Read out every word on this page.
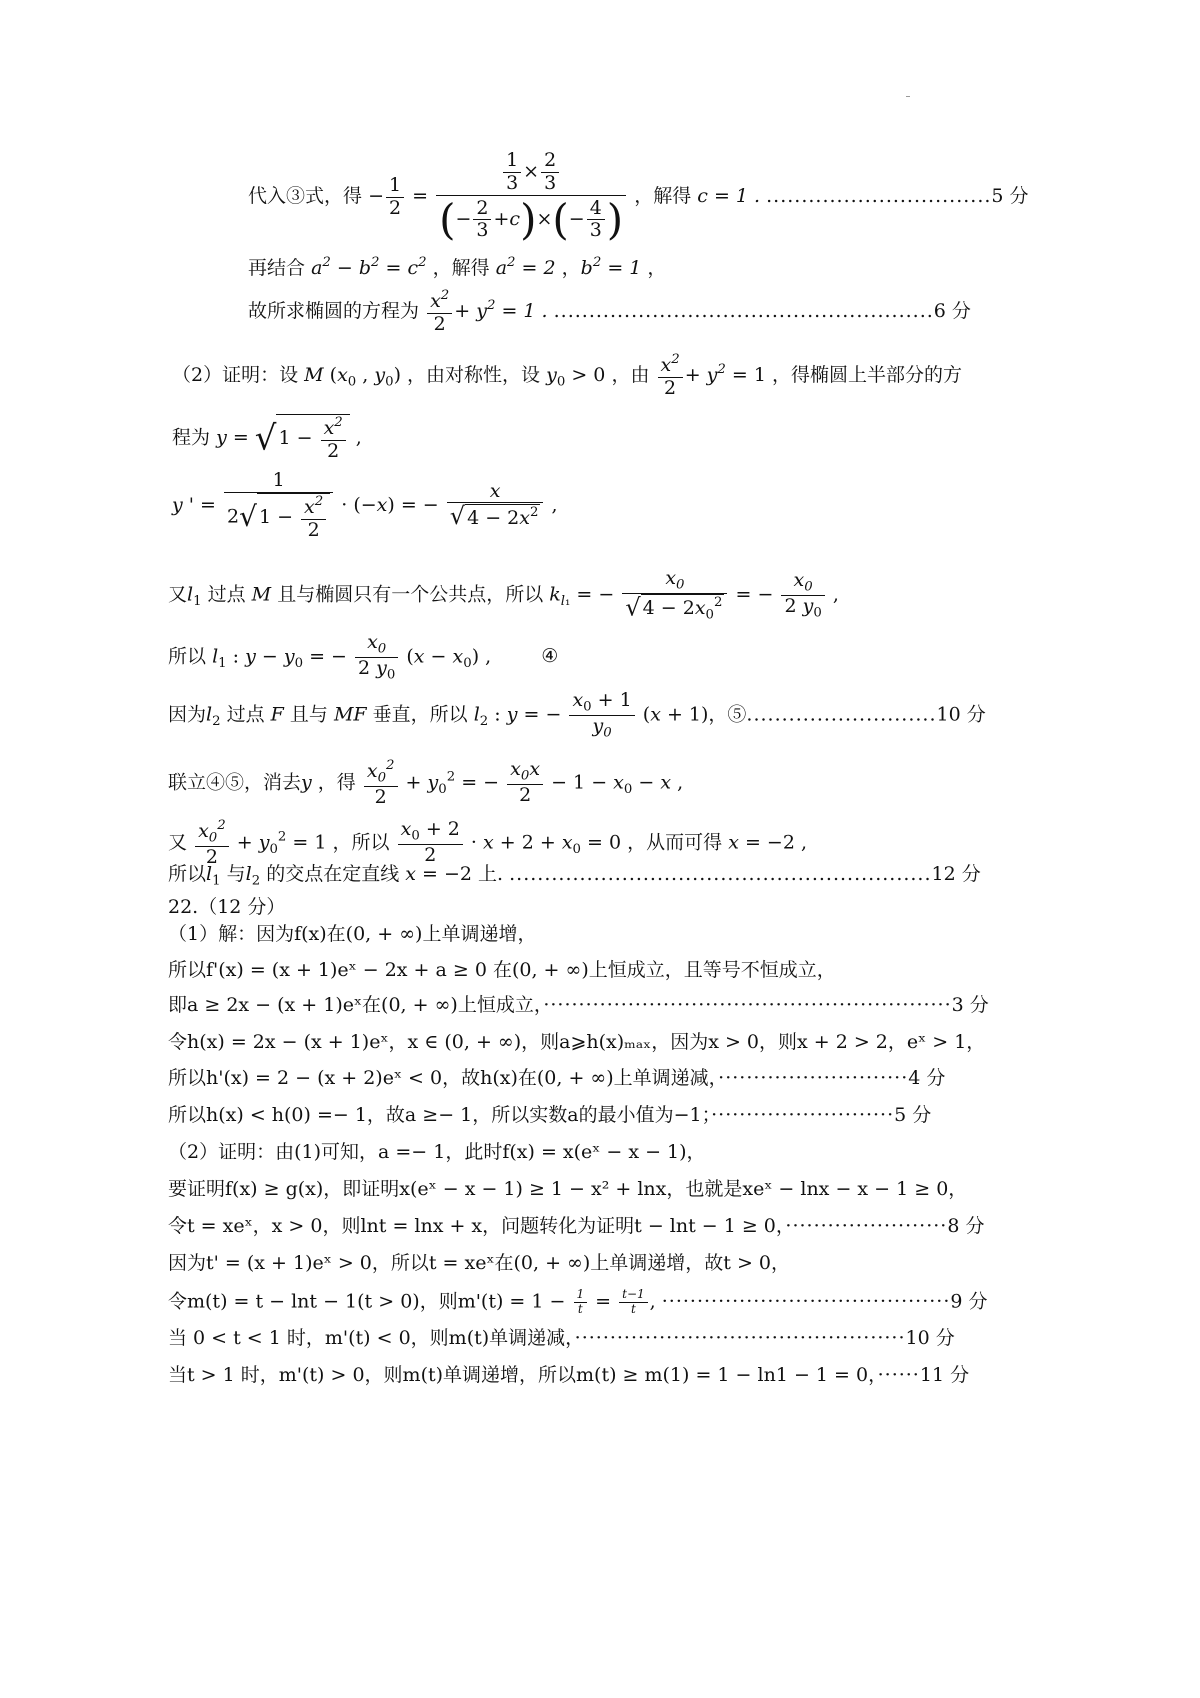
代入③式，得 − $\frac{1}{2} = \frac{\frac{1}{3} \times \frac{2}{3}}{(- \frac{2}{3} +c)\times(- \frac{4}{3} )}$ ，解得 c = 1 . ................................5 分
再结合 $a^2 - b^2 = c^2$ ，解得 $a^2 = 2$ ，$b^2 = 1$ ，
故所求椭圆的方程为 $\frac{x^2}{2} + y^2 = 1$ . ......................................................6 分
（2）证明：设 M ($x_0$ , $y_0$) ，由对称性，设 $y_0 > 0$ ，由 $\frac{x^2}{2} + y^2 = 1$ ，得椭圆上半部分的方
程为 y = √ $1 - \frac{x^2}{2}$ ,
y ' = $\frac{1}{2√ 1 - \frac{x^2}{2}} \cdot (-x)$ = − $\frac{x}{√ 4 - 2x^2}$ ,
又$l_1$ 过点 M 且与椭圆只有一个公共点，所以 $k_{l_1}$ = − $\frac{x_0}{√ 4 - 2x_0^2}$ = − $\frac{x_0}{2 y_0}$ ,
所以 $l_1$ : $y - y_0$ = − $\frac{x_0}{2 y_0} (x - x_0)$ , ④
因为$l_2$ 过点 F 且与 MF 垂直，所以 $l_2$ : y = − $\frac{x_0 + 1}{y_0} (x + 1)$，⑤...........................10 分
联立④⑤，消去y ，得 $\frac{x_0^2}{2} + y_0^2$ = − $\frac{x_0x}{2} - 1 - x_0 - x$ ,
又 $\frac{x_0^2}{2} + y_0^2 = 1$ ，所以 $\frac{x_0 + 2}{2} \cdot x + 2 + x_0 = 0$ ，从而可得 x = −2 ,
所以$l_1$ 与$l_2$ 的交点在定直线 x = −2 上. ............................................................12 分
22.（12 分）
（1）解：因为f(x)在(0, + ∞)上单调递增，
所以f'(x) = (x + 1)eˣ − 2x + a ≥ 0 在(0, + ∞)上恒成立，且等号不恒成立，
即a ≥ 2x − (x + 1)eˣ在(0, + ∞)上恒成立，··························································3 分
令h(x) = 2x − (x + 1)eˣ，x ∈ (0, + ∞)，则a⩾h(x)ₘₐₓ，因为x > 0，则x + 2 > 2，eˣ > 1，
所以h'(x) = 2 − (x + 2)eˣ < 0，故h(x)在(0, + ∞)上单调递减，···························4 分
所以h(x) < h(0) =− 1，故a ≥− 1，所以实数a的最小值为−1；··························5 分
（2）证明：由(1)可知，a =− 1，此时f(x) = x(eˣ − x − 1)，
要证明f(x) ≥ g(x)，即证明x(eˣ − x − 1) ≥ 1 − x² + lnx，也就是xeˣ − lnx − x − 1 ≥ 0，
令t = xeˣ，x > 0，则lnt = lnx + x，问题转化为证明t − lnt − 1 ≥ 0，·······················8 分
因为t' = (x + 1)eˣ > 0，所以t = xeˣ在(0, + ∞)上单调递增，故t > 0，
令m(t) = t − lnt − 1(t > 0)，则$m'(t) = 1 - \frac{1}{t} = \frac{t-1}{t}$ , ·········································9 分
当 0 < t < 1 时，m'(t) < 0，则m(t)单调递减，···············································10 分
当t > 1 时，m'(t) > 0，则m(t)单调递增，所以m(t) ≥ m(1) = 1 − ln1 − 1 = 0，······11 分
